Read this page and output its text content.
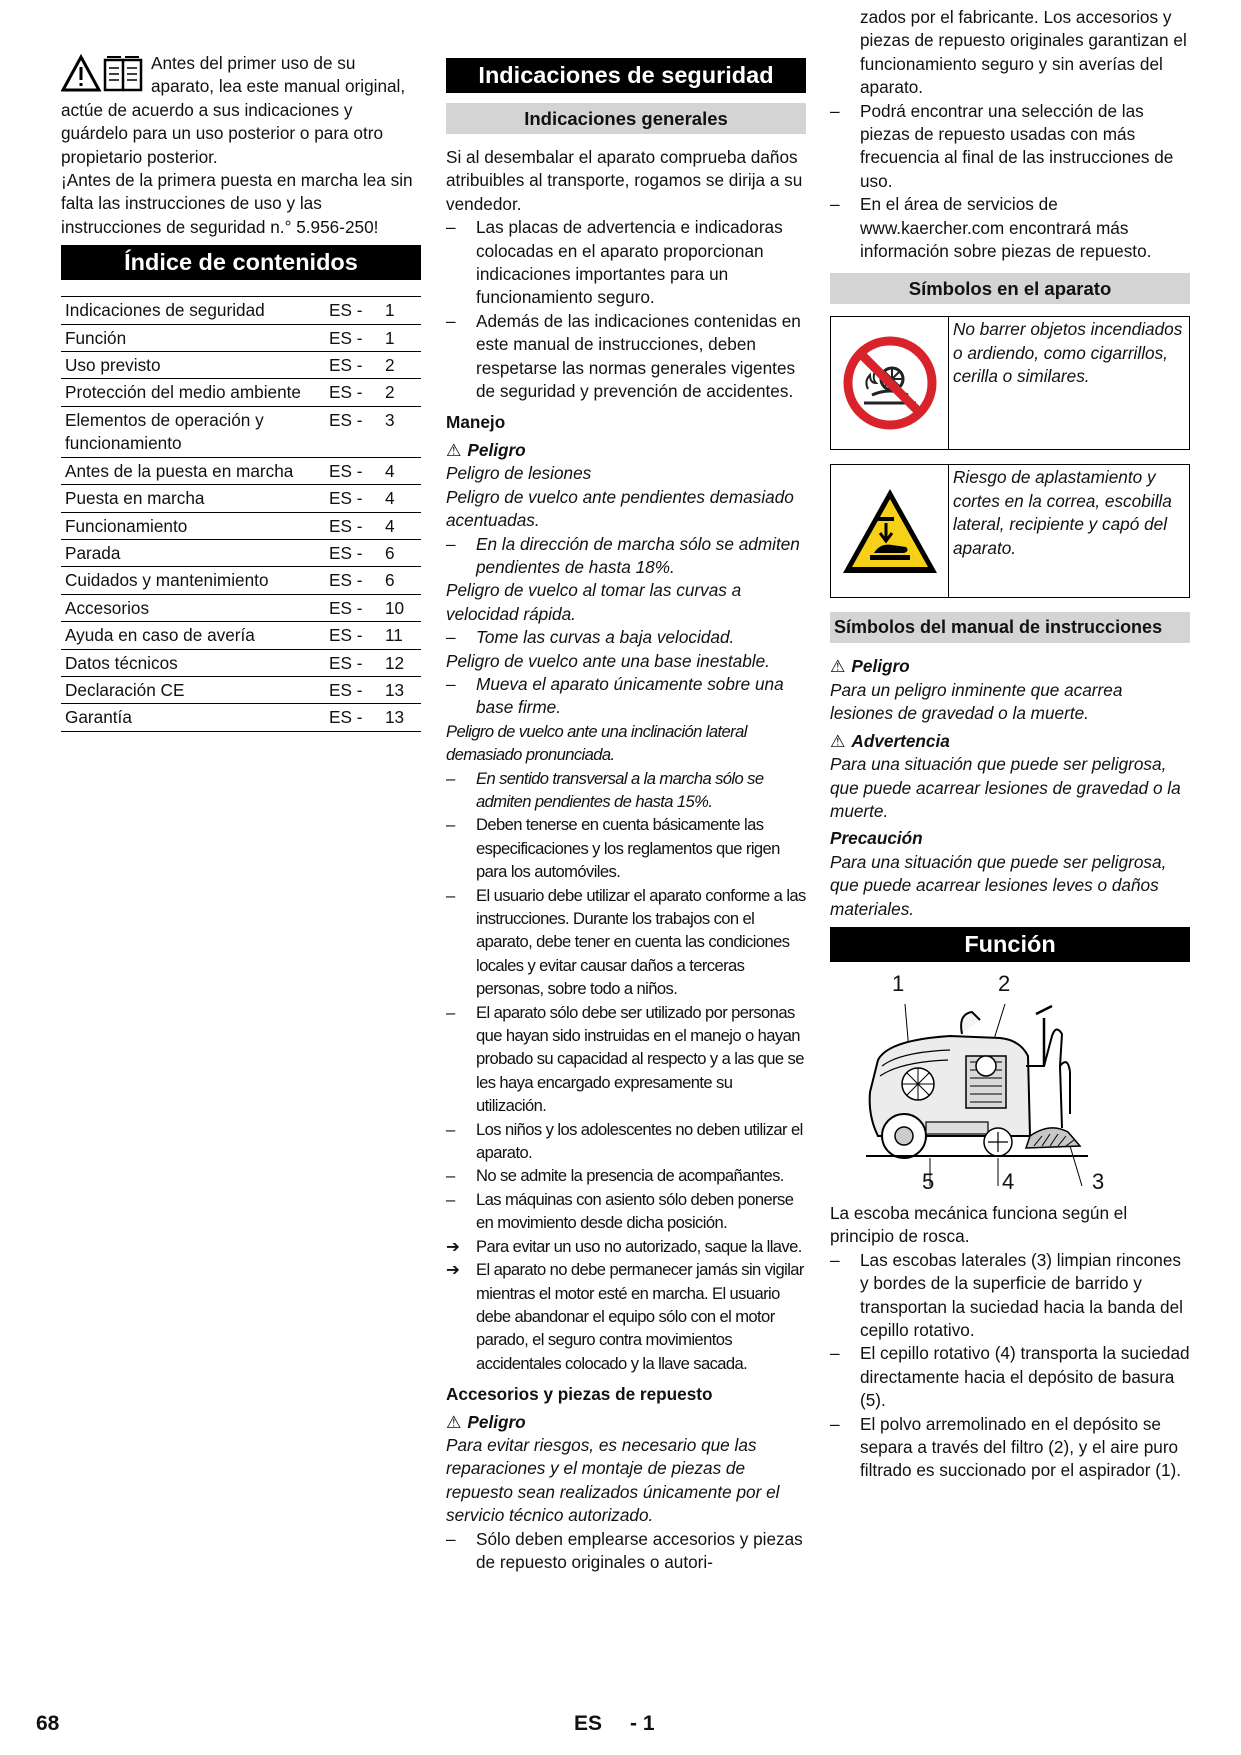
Antes del primer uso de su aparato, lea este manual original, actúe de acuerdo a sus indicaciones y guárdelo para un uso posterior o para otro propietario posterior.

¡Antes de la primera puesta en marcha lea sin falta las instrucciones de uso y las instrucciones de seguridad n.° 5.956-250!

Índice de contenidos
Indicaciones de seguridad	ES -	1
Función	ES -	1
Uso previsto	ES -	2
Protección del medio ambiente	ES -	2
Elementos de operación y funcionamiento	ES -	3
Antes de la puesta en marcha	ES -	4
Puesta en marcha	ES -	4
Funcionamiento	ES -	4
Parada	ES -	6
Cuidados y mantenimiento	ES -	6
Accesorios	ES -	10
Ayuda en caso de avería	ES -	11
Datos técnicos	ES -	12
Declaración CE	ES -	13
Garantía	ES -	13
Indicaciones de seguridad
Indicaciones generales

Si al desembalar el aparato comprueba daños atribuibles al transporte, rogamos se dirija a su vendedor.

–	Las placas de advertencia e indicadoras colocadas en el aparato proporcionan indicaciones importantes para un funcionamiento seguro.
–	Además de las indicaciones contenidas en este manual de instrucciones, deben respetarse las normas generales vigentes de seguridad y prevención de accidentes.

Manejo

⚠ Peligro

Peligro de lesiones

Peligro de vuelco ante pendientes demasiado acentuadas.

–	En la dirección de marcha sólo se admiten pendientes de hasta 18%.

Peligro de vuelco al tomar las curvas a velocidad rápida.

–	Tome las curvas a baja velocidad.

Peligro de vuelco ante una base inestable.

–	Mueva el aparato únicamente sobre una base firme.

Peligro de vuelco ante una inclinación lateral demasiado pronunciada.

–	En sentido transversal a la marcha sólo se admiten pendientes de hasta 15%.
–	Deben tenerse en cuenta básicamente las especificaciones y los reglamentos que rigen para los automóviles.
–	El usuario debe utilizar el aparato conforme a las instrucciones. Durante los trabajos con el aparato, debe tener en cuenta las condiciones locales y evitar causar daños a terceras personas, sobre todo a niños.
–	El aparato sólo debe ser utilizado por personas que hayan sido instruidas en el manejo o hayan probado su capacidad al respecto y a las que se les haya encargado expresamente su utilización.
–	Los niños y los adolescentes no deben utilizar el aparato.
–	No se admite la presencia de acompañantes.
–	Las máquinas con asiento sólo deben ponerse en movimiento desde dicha posición.
➔	Para evitar un uso no autorizado, saque la llave.
➔	El aparato no debe permanecer jamás sin vigilar mientras el motor esté en marcha. El usuario debe abandonar el equipo sólo con el motor parado, el seguro contra movimientos accidentales colocado y la llave sacada.

Accesorios y piezas de repuesto

⚠ Peligro

Para evitar riesgos, es necesario que las reparaciones y el montaje de piezas de repuesto sean realizados únicamente por el servicio técnico autorizado.

–	Sólo deben emplearse accesorios y piezas de repuesto originales o autori-
zados por el fabricante. Los accesorios y piezas de repuesto originales garantizan el funcionamiento seguro y sin averías del aparato.
–	Podrá encontrar una selección de las piezas de repuesto usadas con más frecuencia al final de las instrucciones de uso.
–	En el área de servicios de www.kaercher.com encontrará más información sobre piezas de repuesto.
Símbolos en el aparato
No barrer objetos incendiados o ardiendo, como cigarrillos, cerilla o similares.
Riesgo de aplastamiento y cortes en la correa, escobilla lateral, recipiente y capó del aparato.
Símbolos del manual de instrucciones

⚠ Peligro

Para un peligro inminente que acarrea lesiones de gravedad o la muerte.

⚠ Advertencia

Para una situación que puede ser peligrosa, que puede acarrear lesiones de gravedad o la muerte.

Precaución

Para una situación que puede ser peligrosa, que puede acarrear lesiones leves o daños materiales.

Función
1	2
5	4	3

La escoba mecánica funciona según el principio de rosca.

–	Las escobas laterales (3) limpian rincones y bordes de la superficie de barrido y transportan la suciedad hacia la banda del cepillo rotativo.
–	El cepillo rotativo (4) transporta la suciedad directamente hacia el depósito de basura (5).
–	El polvo arremolinado en el depósito se separa a través del filtro (2), y el aire puro filtrado es succionado por el aspirador (1).
68	ES - 1
